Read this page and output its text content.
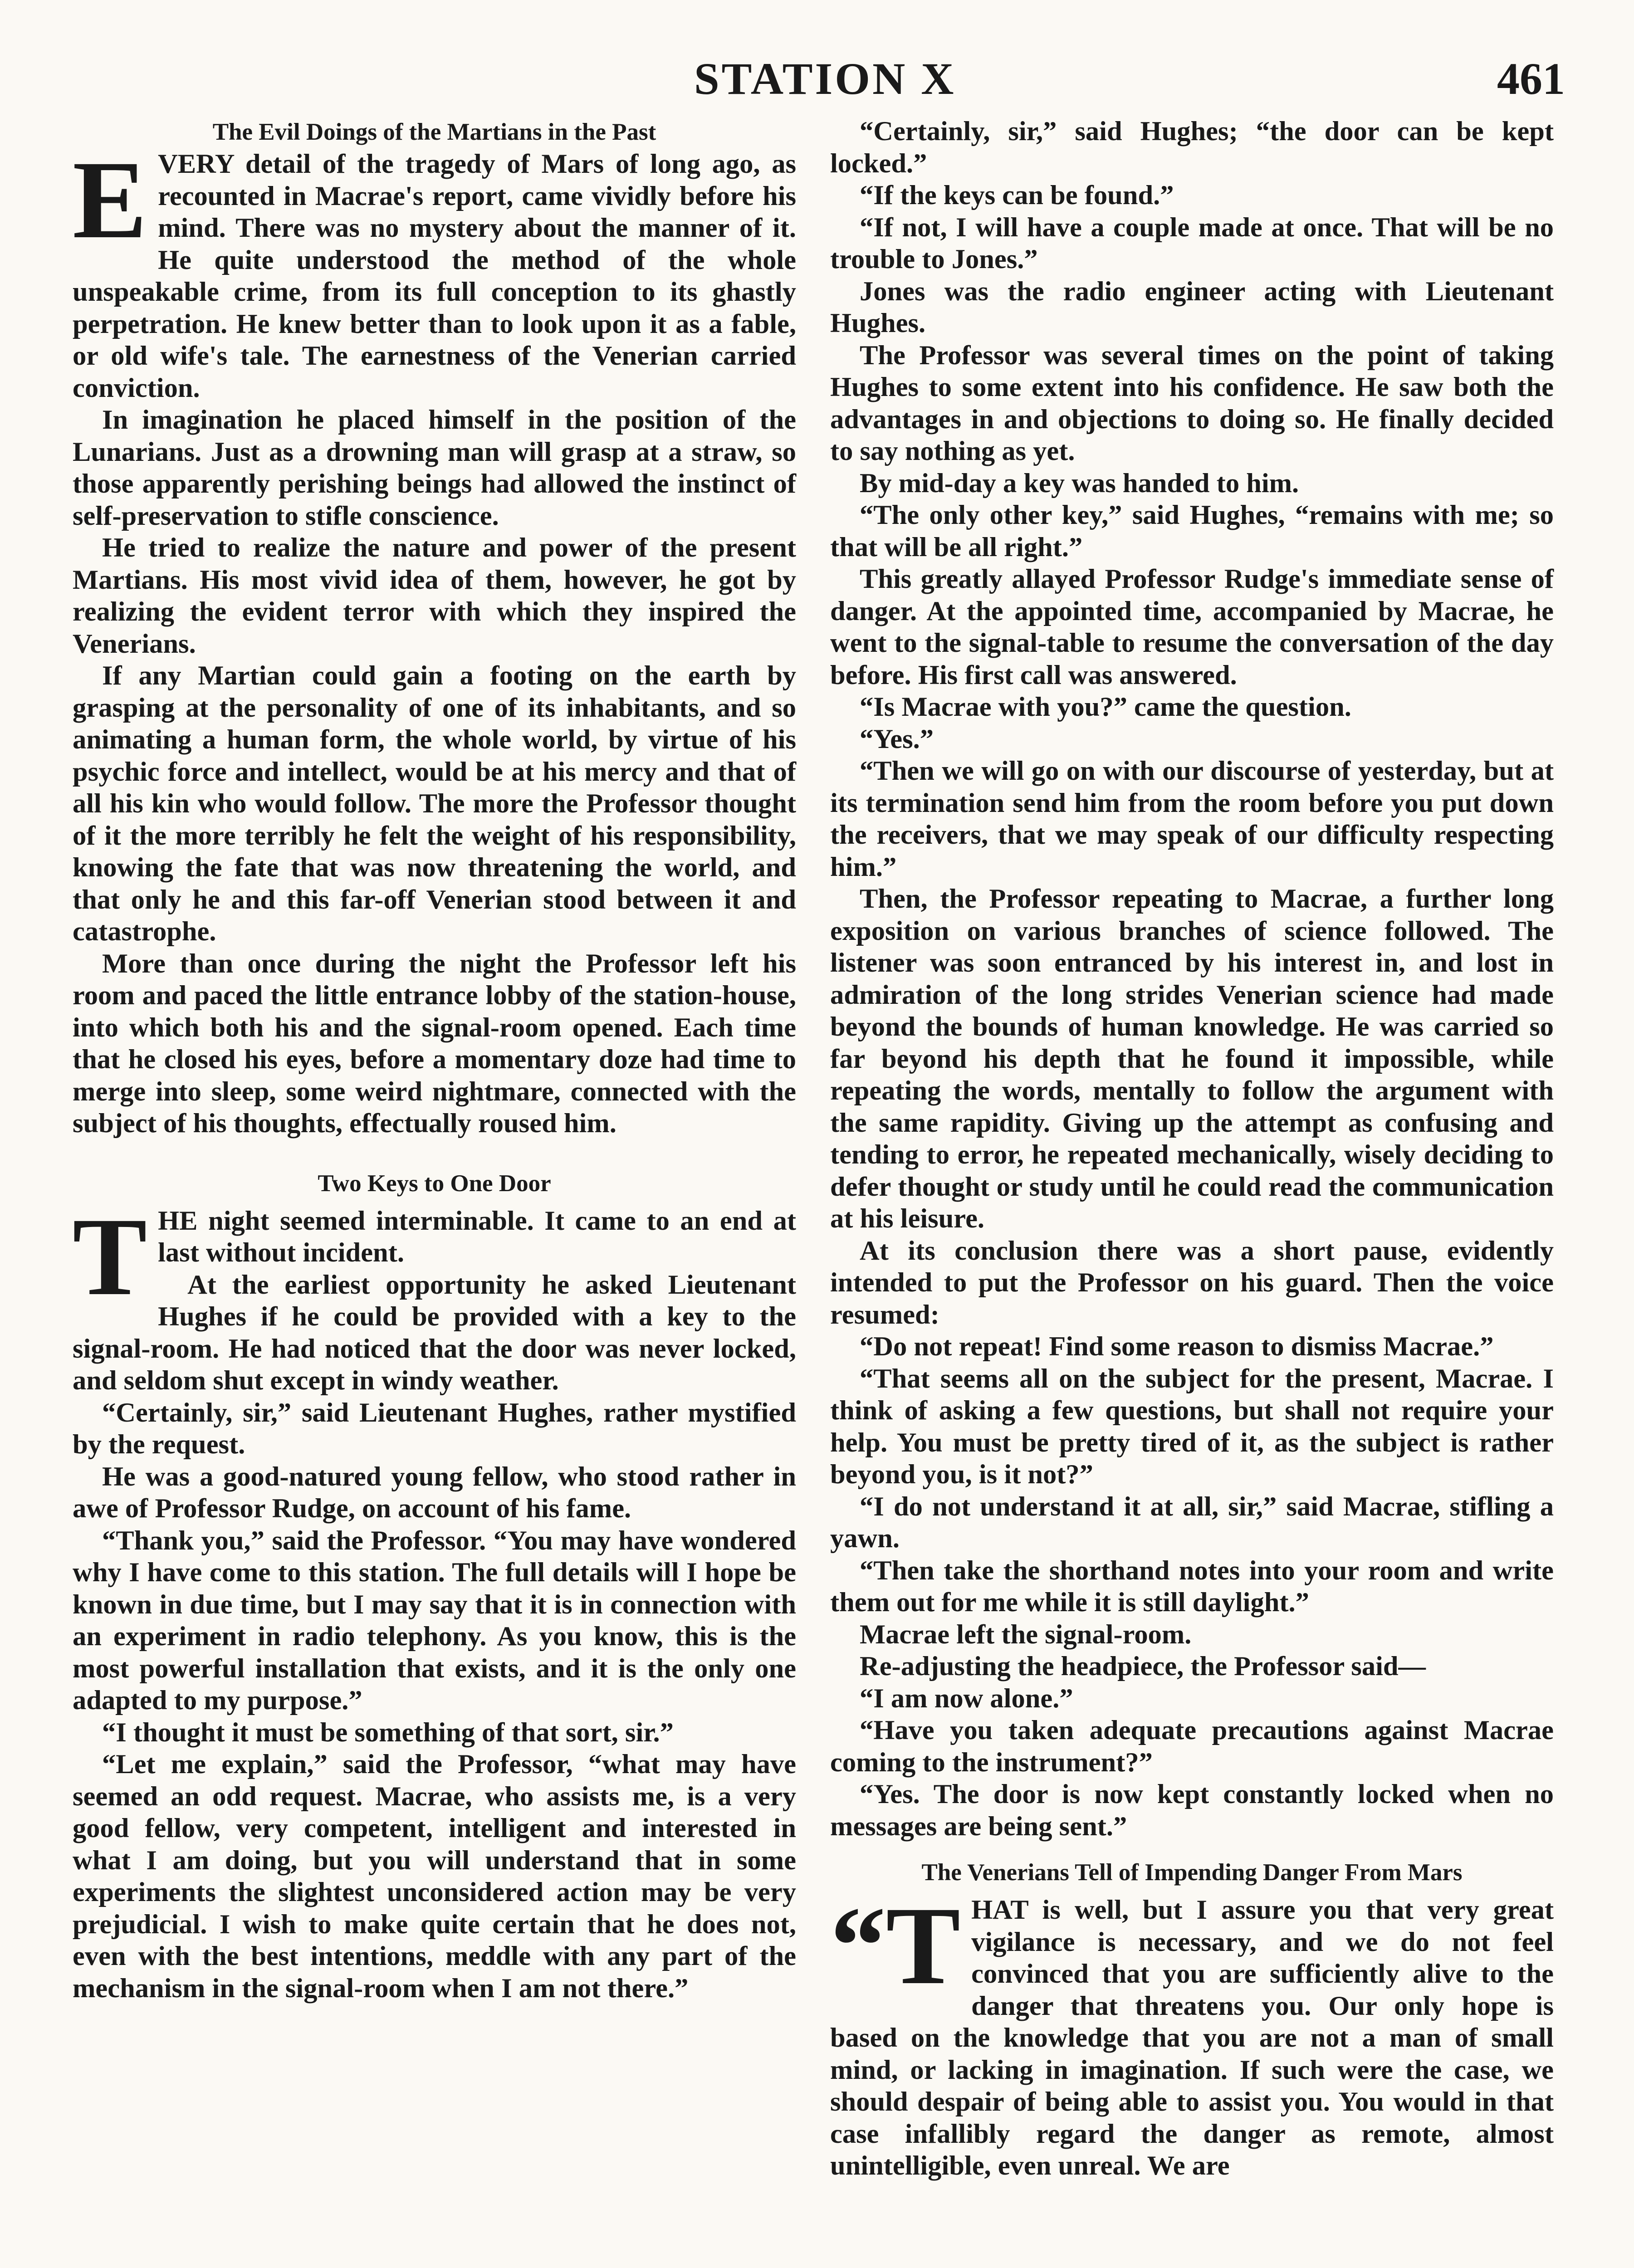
STATION X	461
The Evil Doings of the Martians in the Past

EVERY detail of the tragedy of Mars of long ago, as recounted in Macrae's report, came vividly before his mind. There was no mystery about the manner of it. He quite understood the method of the whole unspeakable crime, from its full conception to its ghastly perpetration. He knew better than to look upon it as a fable, or old wife's tale. The earnestness of the Venerian carried conviction.

In imagination he placed himself in the position of the Lunarians. Just as a drowning man will grasp at a straw, so those apparently perishing beings had allowed the instinct of self-preservation to stifle conscience.

He tried to realize the nature and power of the present Martians. His most vivid idea of them, however, he got by realizing the evident terror with which they inspired the Venerians.

If any Martian could gain a footing on the earth by grasping at the personality of one of its inhabitants, and so animating a human form, the whole world, by virtue of his psychic force and intellect, would be at his mercy and that of all his kin who would follow. The more the Professor thought of it the more terribly he felt the weight of his responsibility, knowing the fate that was now threatening the world, and that only he and this far-off Venerian stood between it and catastrophe.

More than once during the night the Professor left his room and paced the little entrance lobby of the station-house, into which both his and the signal-room opened. Each time that he closed his eyes, before a momentary doze had time to merge into sleep, some weird nightmare, connected with the subject of his thoughts, effectually roused him.

Two Keys to One Door

THE night seemed interminable. It came to an end at last without incident.

At the earliest opportunity he asked Lieutenant Hughes if he could be provided with a key to the signal-room. He had noticed that the door was never locked, and seldom shut except in windy weather.

“Certainly, sir,” said Lieutenant Hughes, rather mystified by the request.

He was a good-natured young fellow, who stood rather in awe of Professor Rudge, on account of his fame.

“Thank you,” said the Professor. “You may have wondered why I have come to this station. The full details will I hope be known in due time, but I may say that it is in connection with an experiment in radio telephony. As you know, this is the most powerful installation that exists, and it is the only one adapted to my purpose.”

“I thought it must be something of that sort, sir.”

“Let me explain,” said the Professor, “what may have seemed an odd request. Macrae, who assists me, is a very good fellow, very competent, intelligent and interested in what I am doing, but you will understand that in some experiments the slightest unconsidered action may be very prejudicial. I wish to make quite certain that he does not, even with the best intentions, meddle with any part of the mechanism in the signal-room when I am not there.”

“Certainly, sir,” said Hughes; “the door can be kept locked.”

“If the keys can be found.”

“If not, I will have a couple made at once. That will be no trouble to Jones.”

Jones was the radio engineer acting with Lieutenant Hughes.

The Professor was several times on the point of taking Hughes to some extent into his confidence. He saw both the advantages in and objections to doing so. He finally decided to say nothing as yet.

By mid-day a key was handed to him.

“The only other key,” said Hughes, “remains with me; so that will be all right.”

This greatly allayed Professor Rudge's immediate sense of danger. At the appointed time, accompanied by Macrae, he went to the signal-table to resume the conversation of the day before. His first call was answered.

“Is Macrae with you?” came the question.

“Yes.”

“Then we will go on with our discourse of yesterday, but at its termination send him from the room before you put down the receivers, that we may speak of our difficulty respecting him.”

Then, the Professor repeating to Macrae, a further long exposition on various branches of science followed. The listener was soon entranced by his interest in, and lost in admiration of the long strides Venerian science had made beyond the bounds of human knowledge. He was carried so far beyond his depth that he found it impossible, while repeating the words, mentally to follow the argument with the same rapidity. Giving up the attempt as confusing and tending to error, he repeated mechanically, wisely deciding to defer thought or study until he could read the communication at his leisure.

At its conclusion there was a short pause, evidently intended to put the Professor on his guard. Then the voice resumed:

“Do not repeat! Find some reason to dismiss Macrae.”

“That seems all on the subject for the present, Macrae. I think of asking a few questions, but shall not require your help. You must be pretty tired of it, as the subject is rather beyond you, is it not?”

“I do not understand it at all, sir,” said Macrae, stifling a yawn.

“Then take the shorthand notes into your room and write them out for me while it is still daylight.”

Macrae left the signal-room.

Re-adjusting the headpiece, the Professor said—

“I am now alone.”

“Have you taken adequate precautions against Macrae coming to the instrument?”

“Yes. The door is now kept constantly locked when no messages are being sent.”

The Venerians Tell of Impending Danger From Mars

“THAT is well, but I assure you that very great vigilance is necessary, and we do not feel convinced that you are sufficiently alive to the danger that threatens you. Our only hope is based on the knowledge that you are not a man of small mind, or lacking in imagination. If such were the case, we should despair of being able to assist you. You would in that case infallibly regard the danger as remote, almost unintelligible, even unreal. We are
